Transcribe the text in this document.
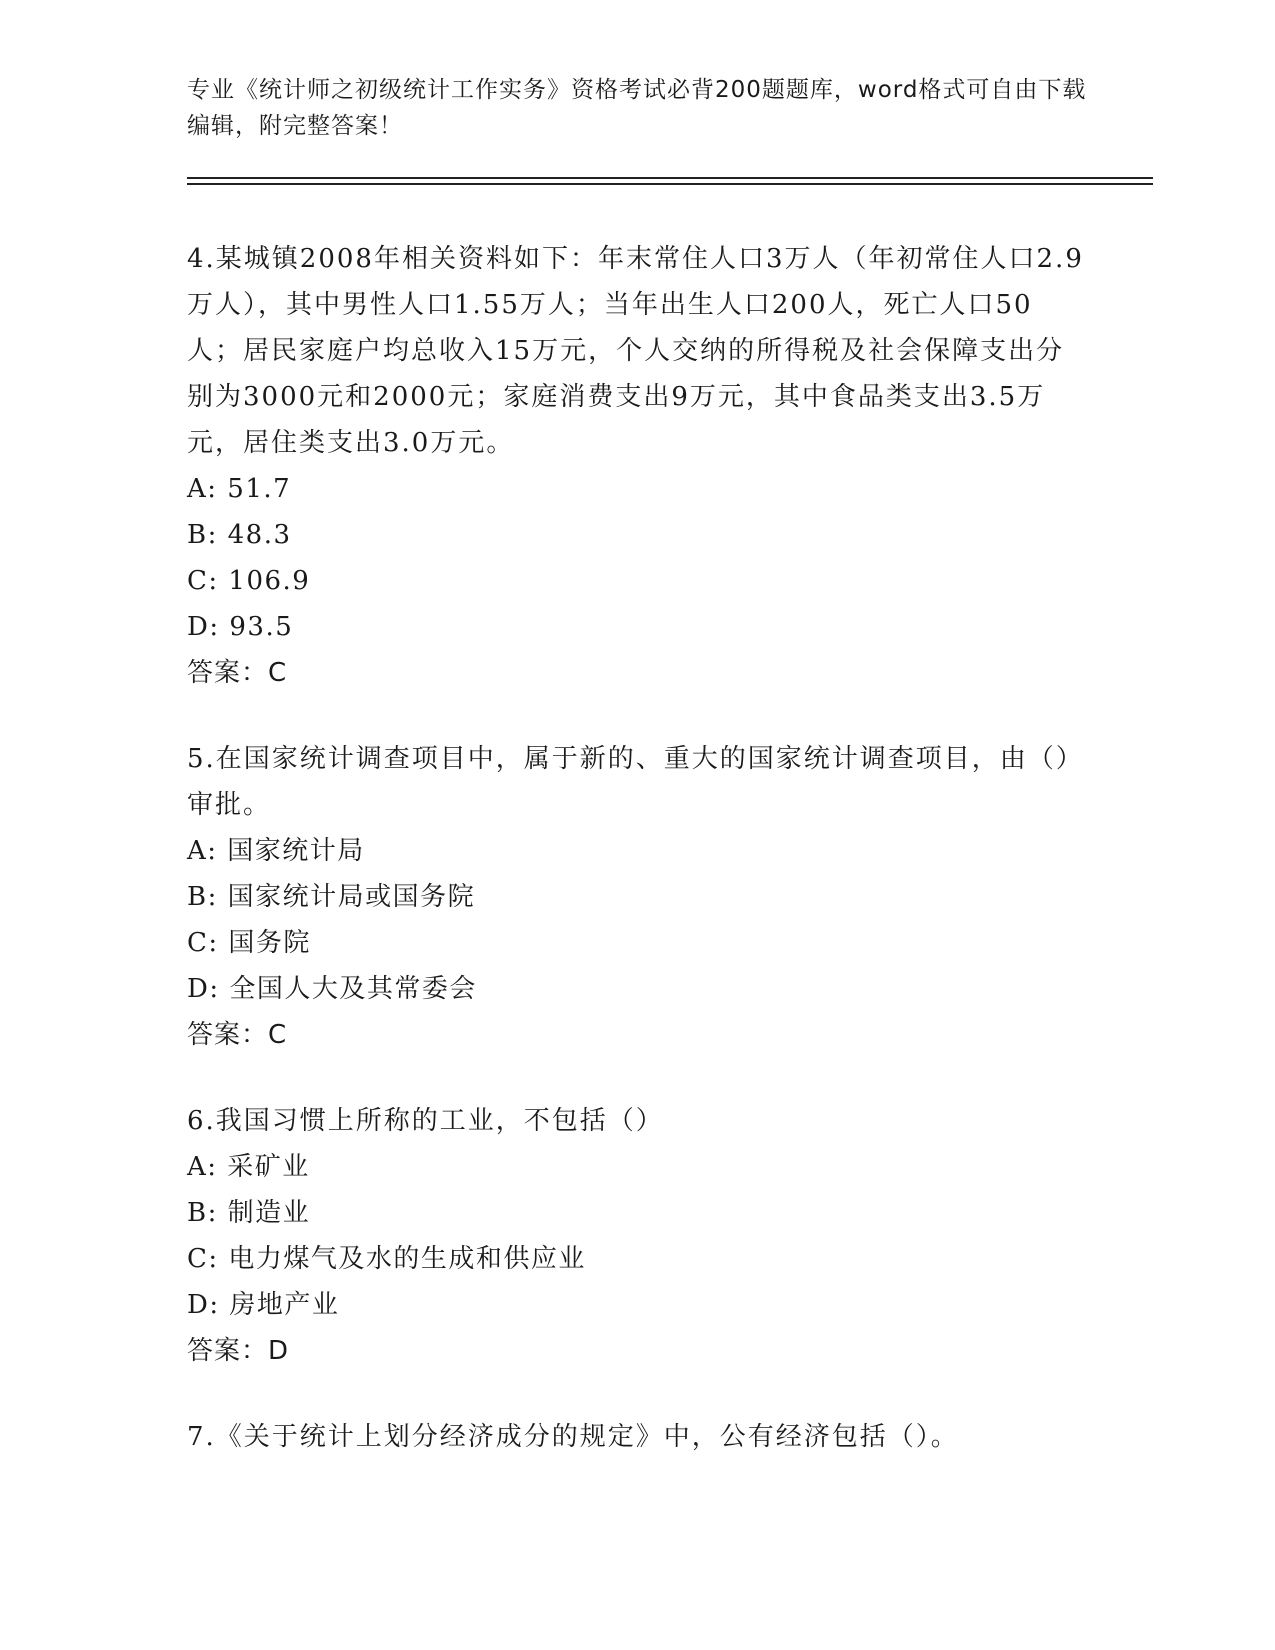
专业《统计师之初级统计工作实务》资格考试必背200题题库，word格式可自由下载编辑，附完整答案！

4.某城镇2008年相关资料如下：年末常住人口3万人（年初常住人口2.9万人），其中男性人口1.55万人；当年出生人口200人，死亡人口50人；居民家庭户均总收入15万元，个人交纳的所得税及社会保障支出分别为3000元和2000元；家庭消费支出9万元，其中食品类支出3.5万元，居住类支出3.0万元。

A: 51.7

B: 48.3

C: 106.9

D: 93.5

答案：C

5.在国家统计调查项目中，属于新的、重大的国家统计调查项目，由（）审批。

A: 国家统计局

B: 国家统计局或国务院

C: 国务院

D: 全国人大及其常委会

答案：C

6.我国习惯上所称的工业，不包括（）

A: 采矿业

B: 制造业

C: 电力煤气及水的生成和供应业

D: 房地产业

答案：D

7.《关于统计上划分经济成分的规定》中，公有经济包括（）。
